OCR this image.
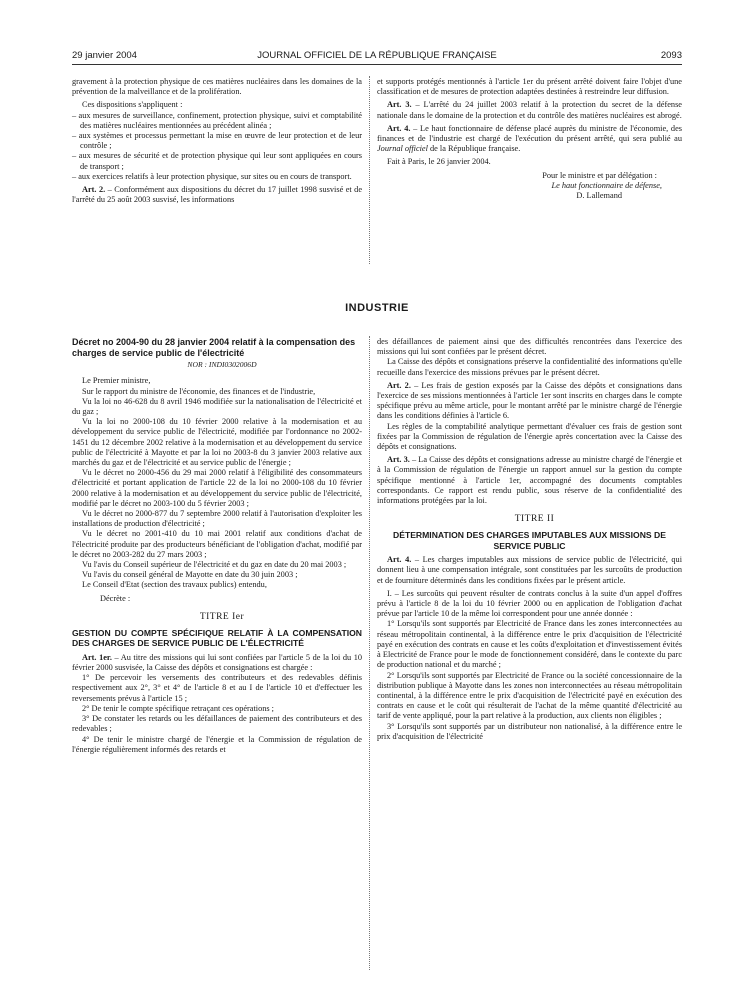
29 janvier 2004	JOURNAL OFFICIEL DE LA RÉPUBLIQUE FRANÇAISE	2093

gravement à la protection physique de ces matières nucléaires dans les domaines de la prévention de la malveillance et de la prolifération.

Ces dispositions s'appliquent :

– aux mesures de surveillance, confinement, protection physique, suivi et comptabilité des matières nucléaires mentionnées au précédent alinéa ;
– aux systèmes et processus permettant la mise en œuvre de leur protection et de leur contrôle ;
– aux mesures de sécurité et de protection physique qui leur sont appliquées en cours de transport ;
– aux exercices relatifs à leur protection physique, sur sites ou en cours de transport.

Art. 2. – Conformément aux dispositions du décret du 17 juillet 1998 susvisé et de l'arrêté du 25 août 2003 susvisé, les informations

et supports protégés mentionnés à l'article 1er du présent arrêté doivent faire l'objet d'une classification et de mesures de protection adaptées destinées à restreindre leur diffusion.

Art. 3. – L'arrêté du 24 juillet 2003 relatif à la protection du secret de la défense nationale dans le domaine de la protection et du contrôle des matières nucléaires est abrogé.

Art. 4. – Le haut fonctionnaire de défense placé auprès du ministre de l'économie, des finances et de l'industrie est chargé de l'exécution du présent arrêté, qui sera publié au Journal officiel de la République française.

Fait à Paris, le 26 janvier 2004.

Pour le ministre et par délégation :

Le haut fonctionnaire de défense,

D. Lallemand

INDUSTRIE
Décret no 2004-90 du 28 janvier 2004 relatif à la compensation des charges de service public de l'électricité

NOR : INDI0302006D

Le Premier ministre,

Sur le rapport du ministre de l'économie, des finances et de l'industrie,

Vu la loi no 46-628 du 8 avril 1946 modifiée sur la nationalisation de l'électricité et du gaz ;

Vu la loi no 2000-108 du 10 février 2000 relative à la modernisation et au développement du service public de l'électricité, modifiée par l'ordonnance no 2002-1451 du 12 décembre 2002 relative à la modernisation et au développement du service public de l'électricité à Mayotte et par la loi no 2003-8 du 3 janvier 2003 relative aux marchés du gaz et de l'électricité et au service public de l'énergie ;

Vu le décret no 2000-456 du 29 mai 2000 relatif à l'éligibilité des consommateurs d'électricité et portant application de l'article 22 de la loi no 2000-108 du 10 février 2000 relative à la modernisation et au développement du service public de l'électricité, modifié par le décret no 2003-100 du 5 février 2003 ;

Vu le décret no 2000-877 du 7 septembre 2000 relatif à l'autorisation d'exploiter les installations de production d'électricité ;

Vu le décret no 2001-410 du 10 mai 2001 relatif aux conditions d'achat de l'électricité produite par des producteurs bénéficiant de l'obligation d'achat, modifié par le décret no 2003-282 du 27 mars 2003 ;

Vu l'avis du Conseil supérieur de l'électricité et du gaz en date du 20 mai 2003 ;

Vu l'avis du conseil général de Mayotte en date du 30 juin 2003 ;

Le Conseil d'Etat (section des travaux publics) entendu,

Décrète :

TITRE Ier

GESTION DU COMPTE SPÉCIFIQUE RELATIF À LA COMPENSATION DES CHARGES DE SERVICE PUBLIC DE L'ÉLECTRICITÉ

Art. 1er. – Au titre des missions qui lui sont confiées par l'article 5 de la loi du 10 février 2000 susvisée, la Caisse des dépôts et consignations est chargée :

1° De percevoir les versements des contributeurs et des redevables définis respectivement aux 2°, 3° et 4° de l'article 8 et au I de l'article 10 et d'effectuer les reversements prévus à l'article 15 ;

2° De tenir le compte spécifique retraçant ces opérations ;

3° De constater les retards ou les défaillances de paiement des contributeurs et des redevables ;

4° De tenir le ministre chargé de l'énergie et la Commission de régulation de l'énergie régulièrement informés des retards et

des défaillances de paiement ainsi que des difficultés rencontrées dans l'exercice des missions qui lui sont confiées par le présent décret.

La Caisse des dépôts et consignations préserve la confidentialité des informations qu'elle recueille dans l'exercice des missions prévues par le présent décret.

Art. 2. – Les frais de gestion exposés par la Caisse des dépôts et consignations dans l'exercice de ses missions mentionnées à l'article 1er sont inscrits en charges dans le compte spécifique prévu au même article, pour le montant arrêté par le ministre chargé de l'énergie dans les conditions définies à l'article 6.

Les règles de la comptabilité analytique permettant d'évaluer ces frais de gestion sont fixées par la Commission de régulation de l'énergie après concertation avec la Caisse des dépôts et consignations.

Art. 3. – La Caisse des dépôts et consignations adresse au ministre chargé de l'énergie et à la Commission de régulation de l'énergie un rapport annuel sur la gestion du compte spécifique mentionné à l'article 1er, accompagné des documents comptables correspondants. Ce rapport est rendu public, sous réserve de la confidentialité des informations protégées par la loi.

TITRE II

DÉTERMINATION DES CHARGES IMPUTABLES AUX MISSIONS DE SERVICE PUBLIC

Art. 4. – Les charges imputables aux missions de service public de l'électricité, qui donnent lieu à une compensation intégrale, sont constituées par les surcoûts de production et de fourniture déterminés dans les conditions fixées par le présent article.

I. – Les surcoûts qui peuvent résulter de contrats conclus à la suite d'un appel d'offres prévu à l'article 8 de la loi du 10 février 2000 ou en application de l'obligation d'achat prévue par l'article 10 de la même loi correspondent pour une année donnée :

1° Lorsqu'ils sont supportés par Electricité de France dans les zones interconnectées au réseau métropolitain continental, à la différence entre le prix d'acquisition de l'électricité payé en exécution des contrats en cause et les coûts d'exploitation et d'investissement évités à Electricité de France pour le mode de fonctionnement considéré, dans le contexte du parc de production national et du marché ;

2° Lorsqu'ils sont supportés par Electricité de France ou la société concessionnaire de la distribution publique à Mayotte dans les zones non interconnectées au réseau métropolitain continental, à la différence entre le prix d'acquisition de l'électricité payé en exécution des contrats en cause et le coût qui résulterait de l'achat de la même quantité d'électricité au tarif de vente appliqué, pour la part relative à la production, aux clients non éligibles ;

3° Lorsqu'ils sont supportés par un distributeur non nationalisé, à la différence entre le prix d'acquisition de l'électricité
